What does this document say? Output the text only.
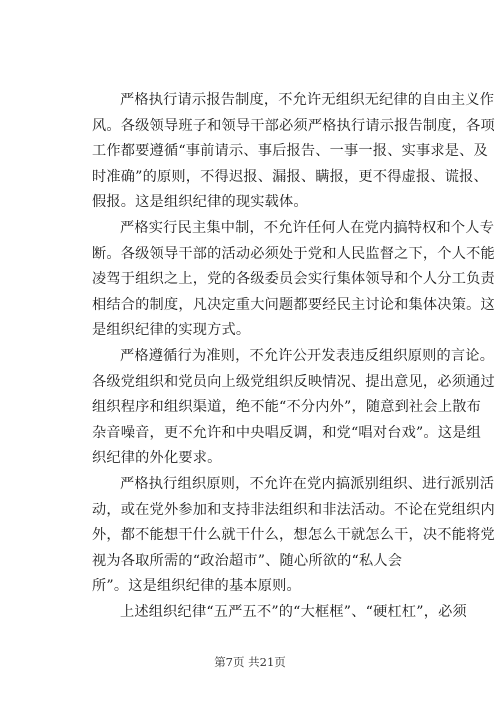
严格执行请示报告制度，不允许无组织无纪律的自由主义作

风。各级领导班子和领导干部必须严格执行请示报告制度，各项

工作都要遵循“事前请示、事后报告、一事一报、实事求是、及

时准确”的原则，不得迟报、漏报、瞒报，更不得虚报、谎报、

假报。这是组织纪律的现实载体。

严格实行民主集中制，不允许任何人在党内搞特权和个人专

断。各级领导干部的活动必须处于党和人民监督之下，个人不能

凌驾于组织之上，党的各级委员会实行集体领导和个人分工负责

相结合的制度，凡决定重大问题都要经民主讨论和集体决策。这

是组织纪律的实现方式。

严格遵循行为准则，不允许公开发表违反组织原则的言论。

各级党组织和党员向上级党组织反映情况、提出意见，必须通过

组织程序和组织渠道，绝不能“不分内外”，随意到社会上散布

杂音噪音，更不允许和中央唱反调，和党“唱对台戏”。这是组

织纪律的外化要求。

严格执行组织原则，不允许在党内搞派别组织、进行派别活

动，或在党外参加和支持非法组织和非法活动。不论在党组织内

外，都不能想干什么就干什么，想怎么干就怎么干，决不能将党

视为各取所需的“政治超市”、随心所欲的“私人会

所”。这是组织纪律的基本原则。

上述组织纪律“五严五不”的“大框框”、“硬杠杠”，必须

第7页 共21页
